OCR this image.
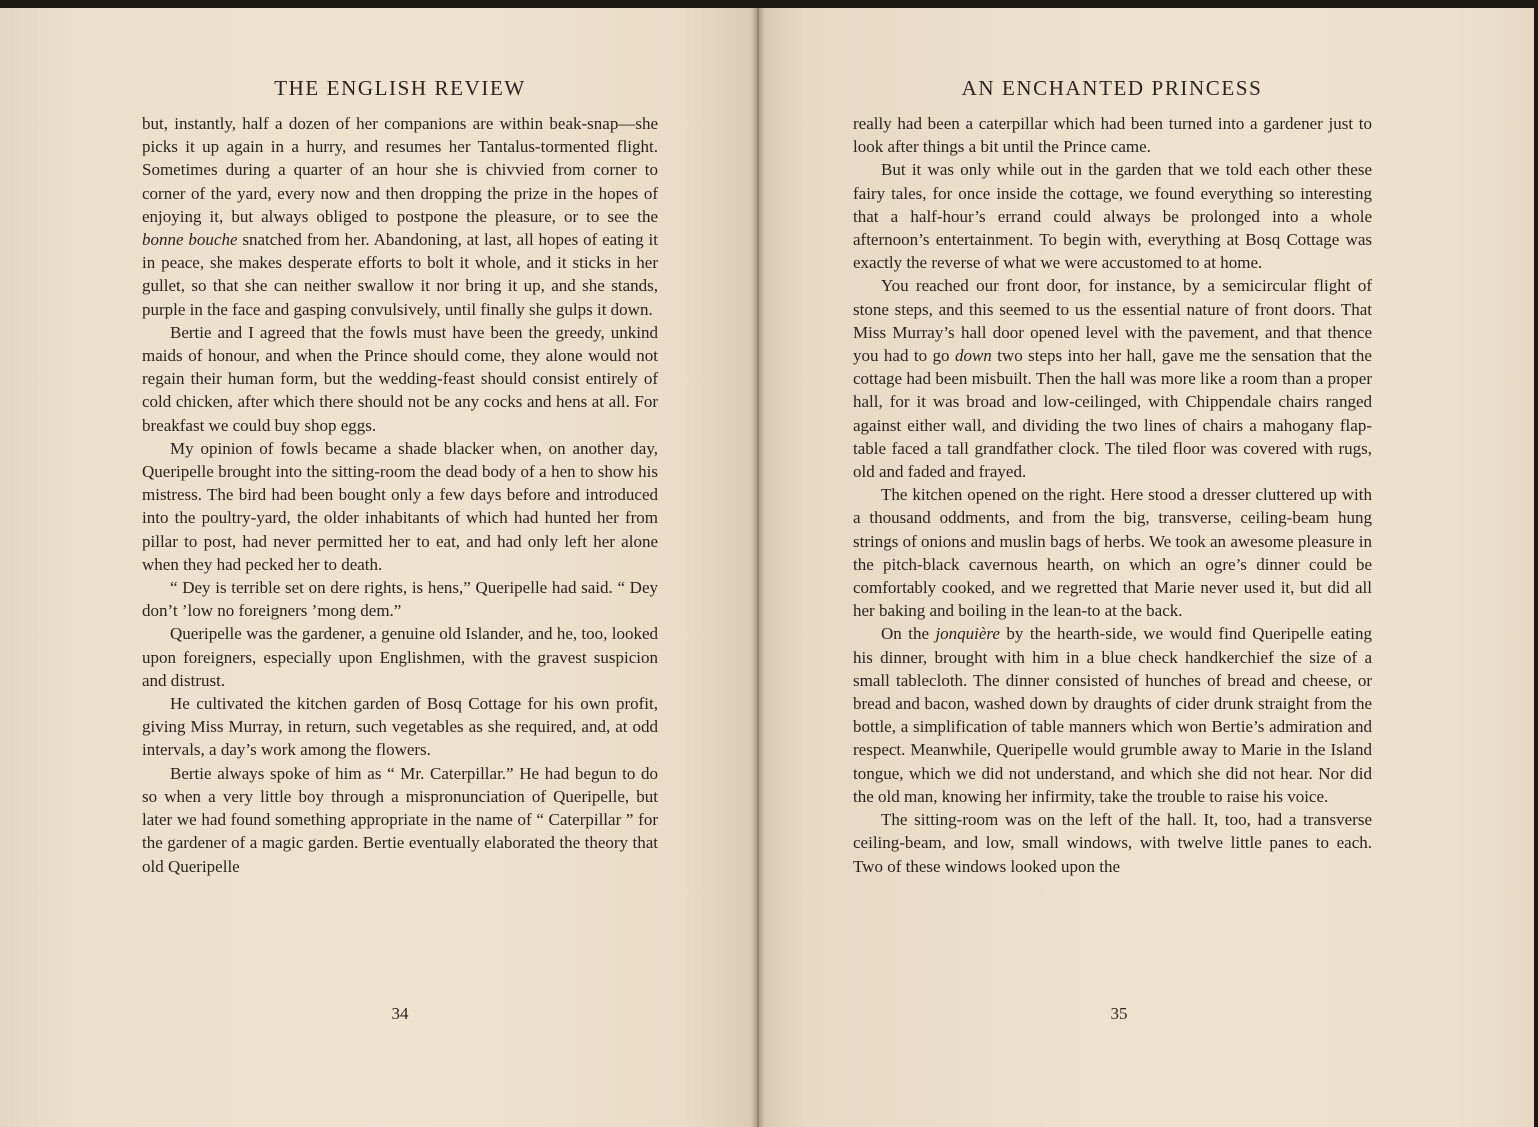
THE ENGLISH REVIEW

but, instantly, half a dozen of her companions are within beak-snap—she picks it up again in a hurry, and resumes her Tantalus-tormented flight. Sometimes during a quarter of an hour she is chivvied from corner to corner of the yard, every now and then dropping the prize in the hopes of enjoying it, but always obliged to postpone the pleasure, or to see the bonne bouche snatched from her. Abandoning, at last, all hopes of eating it in peace, she makes desperate efforts to bolt it whole, and it sticks in her gullet, so that she can neither swallow it nor bring it up, and she stands, purple in the face and gasping convulsively, until finally she gulps it down.

Bertie and I agreed that the fowls must have been the greedy, unkind maids of honour, and when the Prince should come, they alone would not regain their human form, but the wedding-feast should consist entirely of cold chicken, after which there should not be any cocks and hens at all. For breakfast we could buy shop eggs.

My opinion of fowls became a shade blacker when, on another day, Queripelle brought into the sitting-room the dead body of a hen to show his mistress. The bird had been bought only a few days before and introduced into the poultry-yard, the older inhabitants of which had hunted her from pillar to post, had never permitted her to eat, and had only left her alone when they had pecked her to death.

“ Dey is terrible set on dere rights, is hens,” Queripelle had said. “ Dey don’t ’low no foreigners ’mong dem.”

Queripelle was the gardener, a genuine old Islander, and he, too, looked upon foreigners, especially upon Englishmen, with the gravest suspicion and distrust.

He cultivated the kitchen garden of Bosq Cottage for his own profit, giving Miss Murray, in return, such vegetables as she required, and, at odd intervals, a day’s work among the flowers.

Bertie always spoke of him as “ Mr. Caterpillar.” He had begun to do so when a very little boy through a mispronunciation of Queripelle, but later we had found something appropriate in the name of “ Caterpillar ” for the gardener of a magic garden. Bertie eventually elaborated the theory that old Queripelle

34
AN ENCHANTED PRINCESS

really had been a caterpillar which had been turned into a gardener just to look after things a bit until the Prince came.

But it was only while out in the garden that we told each other these fairy tales, for once inside the cottage, we found everything so interesting that a half-hour’s errand could always be prolonged into a whole afternoon’s entertainment. To begin with, everything at Bosq Cottage was exactly the reverse of what we were accustomed to at home.

You reached our front door, for instance, by a semicircular flight of stone steps, and this seemed to us the essential nature of front doors. That Miss Murray’s hall door opened level with the pavement, and that thence you had to go down two steps into her hall, gave me the sensation that the cottage had been misbuilt. Then the hall was more like a room than a proper hall, for it was broad and low-ceilinged, with Chippendale chairs ranged against either wall, and dividing the two lines of chairs a mahogany flap-table faced a tall grandfather clock. The tiled floor was covered with rugs, old and faded and frayed.

The kitchen opened on the right. Here stood a dresser cluttered up with a thousand oddments, and from the big, transverse, ceiling-beam hung strings of onions and muslin bags of herbs. We took an awesome pleasure in the pitch-black cavernous hearth, on which an ogre’s dinner could be comfortably cooked, and we regretted that Marie never used it, but did all her baking and boiling in the lean-to at the back.

On the jonquière by the hearth-side, we would find Queripelle eating his dinner, brought with him in a blue check handkerchief the size of a small tablecloth. The dinner consisted of hunches of bread and cheese, or bread and bacon, washed down by draughts of cider drunk straight from the bottle, a simplification of table manners which won Bertie’s admiration and respect. Meanwhile, Queripelle would grumble away to Marie in the Island tongue, which we did not understand, and which she did not hear. Nor did the old man, knowing her infirmity, take the trouble to raise his voice.

The sitting-room was on the left of the hall. It, too, had a transverse ceiling-beam, and low, small windows, with twelve little panes to each. Two of these windows looked upon the

35
